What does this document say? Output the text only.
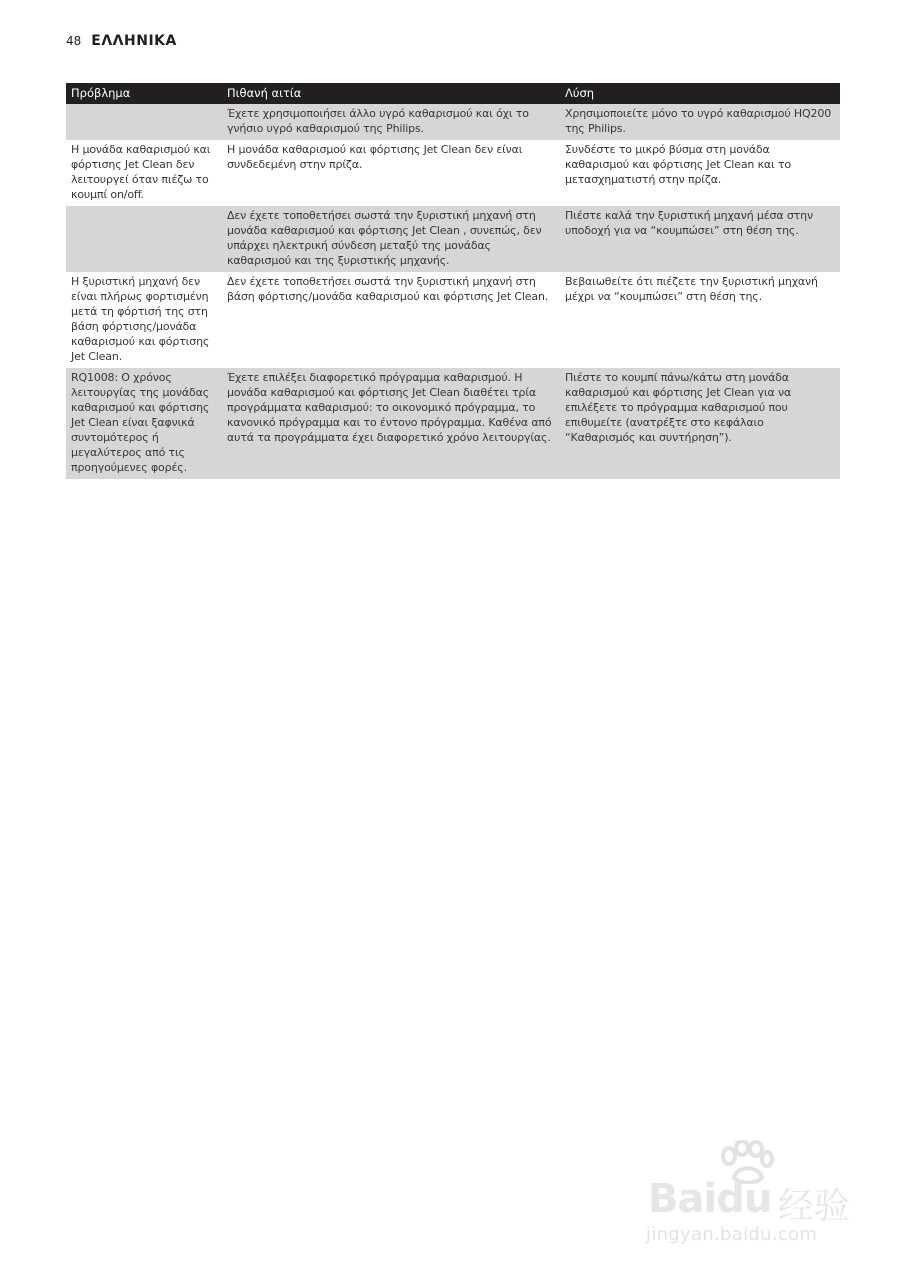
48 ΕΛΛΗΝΙΚΑ
Πρόβλημα	Πιθανή αιτία	Λύση
	Έχετε χρησιμοποιήσει άλλο υγρό καθαρισμού και όχι το γνήσιο υγρό καθαρισμού της Philips.	Χρησιμοποιείτε μόνο το υγρό καθαρισμού HQ200 της Philips.
Η μονάδα καθαρισμού και φόρτισης Jet Clean δεν λειτουργεί όταν πιέζω το κουμπί on/off.	Η μονάδα καθαρισμού και φόρτισης Jet Clean δεν είναι συνδεδεμένη στην πρίζα.	Συνδέστε το μικρό βύσμα στη μονάδα καθαρισμού και φόρτισης Jet Clean και το μετασχηματιστή στην πρίζα.
	Δεν έχετε τοποθετήσει σωστά την ξυριστική μηχανή στη μονάδα καθαρισμού και φόρτισης Jet Clean , συνεπώς, δεν υπάρχει ηλεκτρική σύνδεση μεταξύ της μονάδας καθαρισμού και της ξυριστικής μηχανής.	Πιέστε καλά την ξυριστική μηχανή μέσα στην υποδοχή για να “κουμπώσει” στη θέση της.
Η ξυριστική μηχανή δεν είναι πλήρως φορτισμένη μετά τη φόρτισή της στη βάση φόρτισης/μονάδα καθαρισμού και φόρτισης Jet Clean.	Δεν έχετε τοποθετήσει σωστά την ξυριστική μηχανή στη βάση φόρτισης/μονάδα καθαρισμού και φόρτισης Jet Clean.	Βεβαιωθείτε ότι πιέζετε την ξυριστική μηχανή μέχρι να “κουμπώσει” στη θέση της.
RQ1008: Ο χρόνος λειτουργίας της μονάδας καθαρισμού και φόρτισης Jet Clean είναι ξαφνικά συντομότερος ή μεγαλύτερος από τις προηγούμενες φορές.	Έχετε επιλέξει διαφορετικό πρόγραμμα καθαρισμού. Η μονάδα καθαρισμού και φόρτισης Jet Clean διαθέτει τρία προγράμματα καθαρισμού: το οικονομικό πρόγραμμα, το κανονικό πρόγραμμα και το έντονο πρόγραμμα. Καθένα από αυτά τα προγράμματα έχει διαφορετικό χρόνο λειτουργίας.	Πιέστε το κουμπί πάνω/κάτω στη μονάδα καθαρισμού και φόρτισης Jet Clean για να επιλέξετε το πρόγραμμα καθαρισμού που επιθυμείτε (ανατρέξτε στο κεφάλαιο “Καθαρισμός και συντήρηση”).
Baidu 经验
jingyan.baidu.com
